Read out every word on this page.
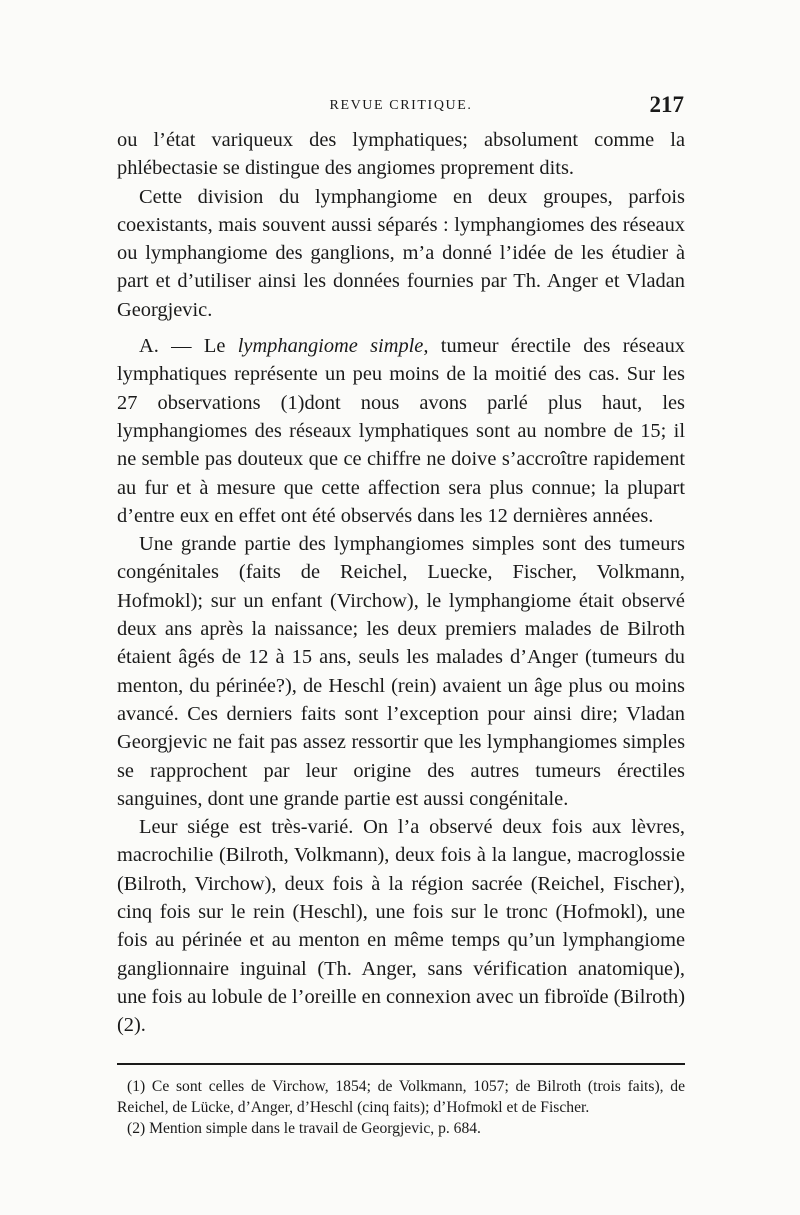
REVUE CRITIQUE.	217

ou l’état variqueux des lymphatiques; absolument comme la phlébectasie se distingue des angiomes proprement dits.

Cette division du lymphangiome en deux groupes, parfois coexistants, mais souvent aussi séparés : lymphangiomes des réseaux ou lymphangiome des ganglions, m’a donné l’idée de les étudier à part et d’utiliser ainsi les données fournies par Th. Anger et Vladan Georgjevic.

A. — Le lymphangiome simple, tumeur érectile des réseaux lymphatiques représente un peu moins de la moitié des cas. Sur les 27 observations (1)dont nous avons parlé plus haut, les lymphangiomes des réseaux lymphatiques sont au nombre de 15; il ne semble pas douteux que ce chiffre ne doive s’accroître rapidement au fur et à mesure que cette affection sera plus connue; la plupart d’entre eux en effet ont été observés dans les 12 dernières années.

Une grande partie des lymphangiomes simples sont des tumeurs congénitales (faits de Reichel, Luecke, Fischer, Volkmann, Hofmokl); sur un enfant (Virchow), le lymphangiome était observé deux ans après la naissance; les deux premiers malades de Bilroth étaient âgés de 12 à 15 ans, seuls les malades d’Anger (tumeurs du menton, du périnée?), de Heschl (rein) avaient un âge plus ou moins avancé. Ces derniers faits sont l’exception pour ainsi dire; Vladan Georgjevic ne fait pas assez ressortir que les lymphangiomes simples se rapprochent par leur origine des autres tumeurs érectiles sanguines, dont une grande partie est aussi congénitale.

Leur siége est très-varié. On l’a observé deux fois aux lèvres, macrochilie (Bilroth, Volkmann), deux fois à la langue, macroglossie (Bilroth, Virchow), deux fois à la région sacrée (Reichel, Fischer), cinq fois sur le rein (Heschl), une fois sur le tronc (Hofmokl), une fois au périnée et au menton en même temps qu’un lymphangiome ganglionnaire inguinal (Th. Anger, sans vérification anatomique), une fois au lobule de l’oreille en connexion avec un fibroïde (Bilroth) (2).

(1) Ce sont celles de Virchow, 1854; de Volkmann, 1057; de Bilroth (trois faits), de Reichel, de Lücke, d’Anger, d’Heschl (cinq faits); d’Hofmokl et de Fischer.

(2) Mention simple dans le travail de Georgjevic, p. 684.
